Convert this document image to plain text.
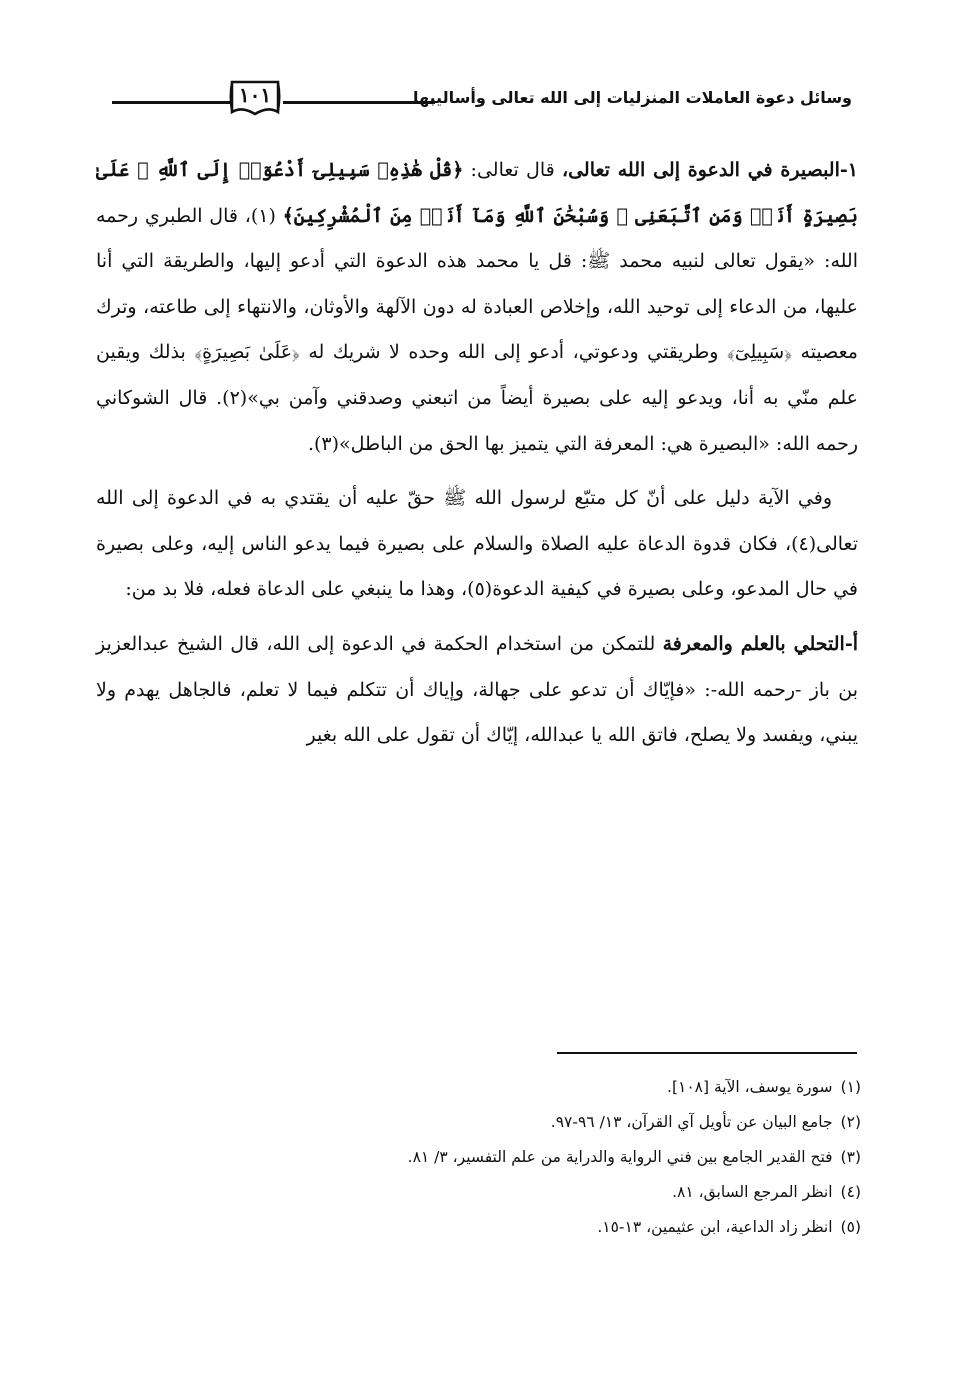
١٠١	وسائل دعوة العاملات المنزليات إلى الله تعالى وأساليبها

١-البصيرة في الدعوة إلى الله تعالى، قال تعالى: ﴿قُلْ هَٰذِهِۦ سَبِيلِىٓ أَدْعُوٓا۟ إِلَى ٱللَّهِ ۚ عَلَىٰ بَصِيرَةٍ أَنَا۠ وَمَنِ ٱتَّبَعَنِى ۖ وَسُبْحَٰنَ ٱللَّهِ وَمَآ أَنَا۠ مِنَ ٱلْمُشْرِكِينَ﴾ (١)، قال الطبري رحمه الله: «يقول تعالى لنبيه محمد ﷺ: قل يا محمد هذه الدعوة التي أدعو إليها، والطريقة التي أنا عليها، من الدعاء إلى توحيد الله، وإخلاص العبادة له دون الآلهة والأوثان، والانتهاء إلى طاعته، وترك معصيته ﴿سَبِيلِىٓ﴾ وطريقتي ودعوتي، أدعو إلى الله وحده لا شريك له ﴿عَلَىٰ بَصِيرَةٍ﴾ بذلك ويقين علم منّي به أنا، ويدعو إليه على بصيرة أيضاً من اتبعني وصدقني وآمن بي»(٢). قال الشوكاني رحمه الله: «البصيرة هي: المعرفة التي يتميز بها الحق من الباطل»(٣).

وفي الآية دليل على أنّ كل متبّع لرسول الله ﷺ حقّ عليه أن يقتدي به في الدعوة إلى الله تعالى(٤)، فكان قدوة الدعاة عليه الصلاة والسلام على بصيرة فيما يدعو الناس إليه، وعلى بصيرة في حال المدعو، وعلى بصيرة في كيفية الدعوة(٥)، وهذا ما ينبغي على الدعاة فعله، فلا بد من:

أ-التحلي بالعلم والمعرفة للتمكن من استخدام الحكمة في الدعوة إلى الله، قال الشيخ عبدالعزيز بن باز -رحمه الله-: «فإيّاك أن تدعو على جهالة، وإياك أن تتكلم فيما لا تعلم، فالجاهل يهدم ولا يبني، ويفسد ولا يصلح، فاتق الله يا عبدالله، إيّاك أن تقول على الله بغير

(١)سورة يوسف، الآية [١٠٨].
(٢)جامع البيان عن تأويل آي القرآن، ١٣/ ٩٦-٩٧.
(٣)فتح القدير الجامع بين فني الرواية والدراية من علم التفسير، ٣/ ٨١.
(٤)انظر المرجع السابق، ٨١.
(٥)انظر زاد الداعية، ابن عثيمين، ١٣-١٥.
